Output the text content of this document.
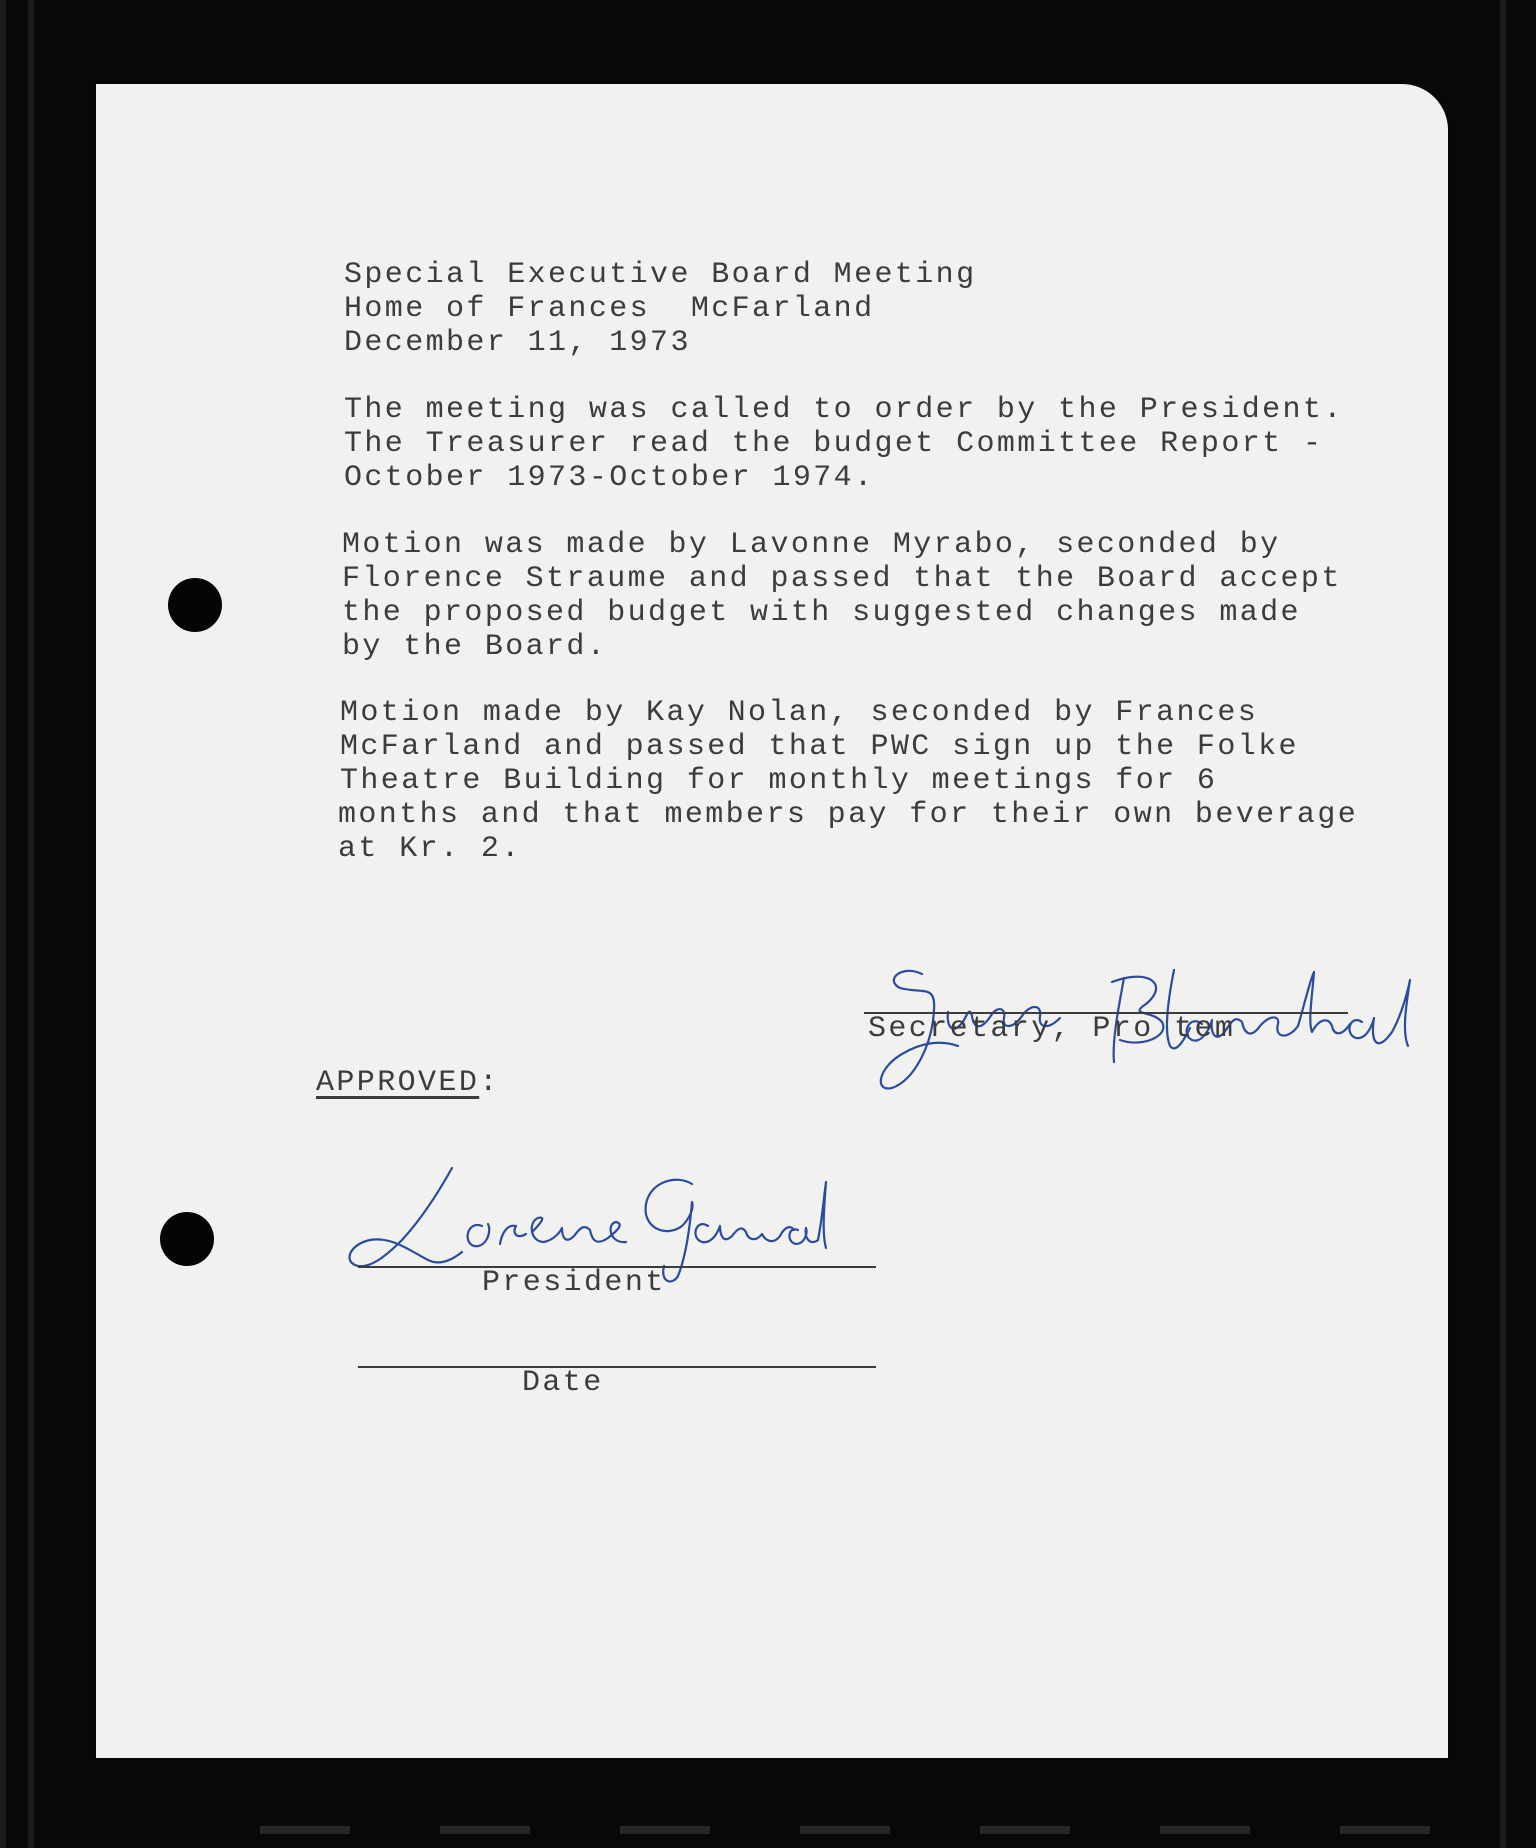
Special Executive Board Meeting

Home of Frances  McFarland

December 11, 1973

The meeting was called to order by the President.

The Treasurer read the budget Committee Report -

October 1973-October 1974.

Motion was made by Lavonne Myrabo, seconded by

Florence Straume and passed that the Board accept

the proposed budget with suggested changes made

by the Board.

Motion made by Kay Nolan, seconded by Frances

McFarland and passed that PWC sign up the Folke

Theatre Building for monthly meetings for 6

months and that members pay for their own beverage

at Kr. 2.

Secretary, Pro tem

APPROVED:

President

Date
